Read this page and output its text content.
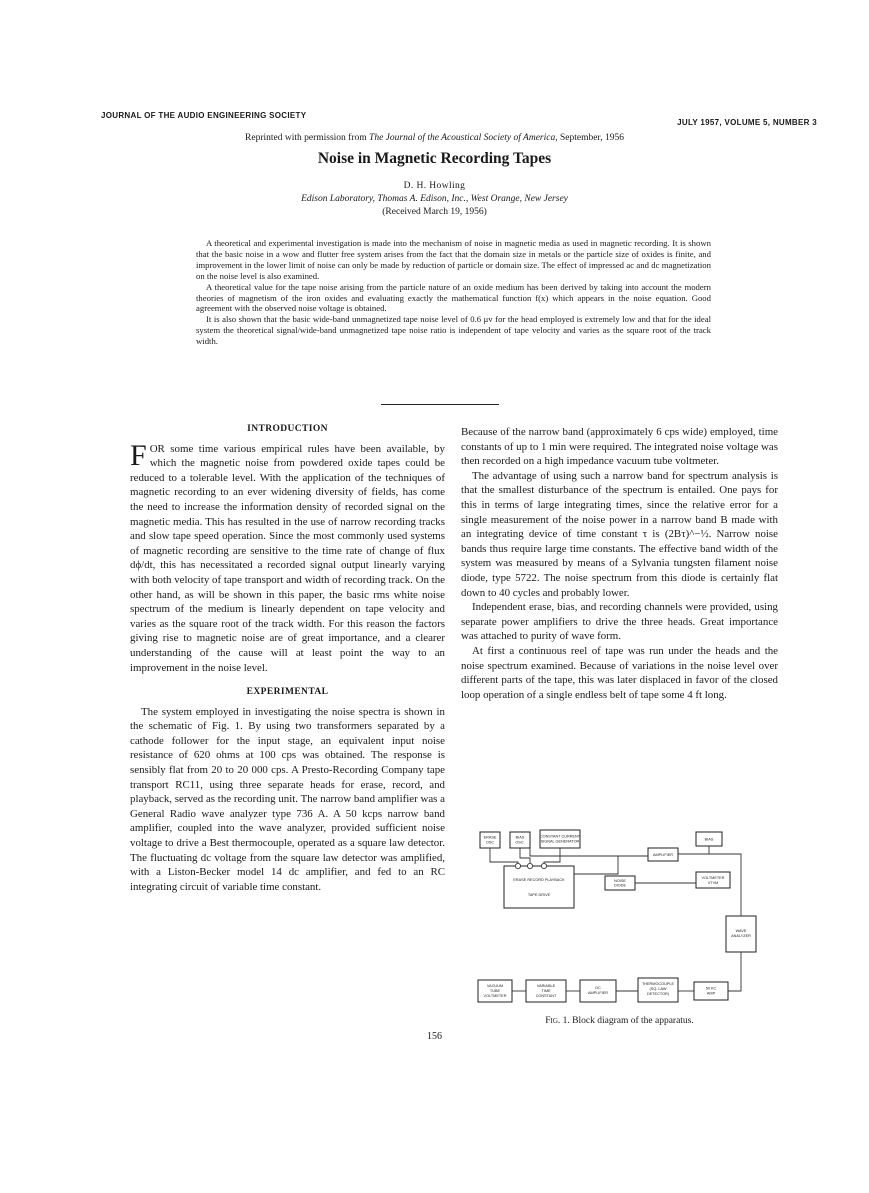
JOURNAL OF THE AUDIO ENGINEERING SOCIETY
JULY 1957, VOLUME 5, NUMBER 3
Reprinted with permission from The Journal of the Acoustical Society of America, September, 1956
Noise in Magnetic Recording Tapes
D. H. Howling
Edison Laboratory, Thomas A. Edison, Inc., West Orange, New Jersey
(Received March 19, 1956)

A theoretical and experimental investigation is made into the mechanism of noise in magnetic media as used in magnetic recording. It is shown that the basic noise in a wow and flutter free system arises from the fact that the domain size in metals or the particle size of oxides is finite, and improvement in the lower limit of noise can only be made by reduction of particle or domain size. The effect of impressed ac and dc magnetization on the noise level is also examined.

A theoretical value for the tape noise arising from the particle nature of an oxide medium has been derived by taking into account the modern theories of magnetism of the iron oxides and evaluating exactly the mathematical function f(x) which appears in the noise equation. Good agreement with the observed noise voltage is obtained.

It is also shown that the basic wide-band unmagnetized tape noise level of 0.6 μv for the head employed is extremely low and that for the ideal system the theoretical signal/wide-band unmagnetized tape noise ratio is independent of tape velocity and varies as the square root of the track width.

INTRODUCTION

FOR some time various empirical rules have been available, by which the magnetic noise from powdered oxide tapes could be reduced to a tolerable level. With the application of the techniques of magnetic recording to an ever widening diversity of fields, has come the need to increase the information density of recorded signal on the magnetic media. This has resulted in the use of narrow recording tracks and slow tape speed operation. Since the most commonly used systems of magnetic recording are sensitive to the time rate of change of flux dϕ/dt, this has necessitated a recorded signal output linearly varying with both velocity of tape transport and width of recording track. On the other hand, as will be shown in this paper, the basic rms white noise spectrum of the medium is linearly dependent on tape velocity and varies as the square root of the track width. For this reason the factors giving rise to magnetic noise are of great importance, and a clearer understanding of the cause will at least point the way to an improvement in the noise level.

EXPERIMENTAL

The system employed in investigating the noise spectra is shown in the schematic of Fig. 1. By using two transformers separated by a cathode follower for the input stage, an equivalent input noise resistance of 620 ohms at 100 cps was obtained. The response is sensibly flat from 20 to 20 000 cps. A Presto-Recording Company tape transport RC11, using three separate heads for erase, record, and playback, served as the recording unit. The narrow band amplifier was a General Radio wave analyzer type 736 A. A 50 kcps narrow band amplifier, coupled into the wave analyzer, provided sufficient noise voltage to drive a Best thermocouple, operated as a square law detector. The fluctuating dc voltage from the square law detector was amplified, with a Liston-Becker model 14 dc amplifier, and fed to an RC integrating circuit of variable time constant.

Because of the narrow band (approximately 6 cps wide) employed, time constants of up to 1 min were required. The integrated noise voltage was then recorded on a high impedance vacuum tube voltmeter.

The advantage of using such a narrow band for spectrum analysis is that the smallest disturbance of the spectrum is entailed. One pays for this in terms of large integrating times, since the relative error for a single measurement of the noise power in a narrow band B made with an integrating device of time constant τ is (2Bτ)^−½. Narrow noise bands thus require large time constants. The effective band width of the system was measured by means of a Sylvania tungsten filament noise diode, type 5722. The noise spectrum from this diode is certainly flat down to 40 cycles and probably lower.

Independent erase, bias, and recording channels were provided, using separate power amplifiers to drive the three heads. Great importance was attached to purity of wave form.

At first a continuous reel of tape was run under the heads and the noise spectrum examined. Because of variations in the noise level over different parts of the tape, this was later displaced in favor of the closed loop operation of a single endless belt of tape some 4 ft long.

ERASE
OSC
BIAS
OSC.
CONSTANT CURRENT
SIGNAL GENERATOR	BIAS
AMPLIFIER
NOISE
DIODE
VOLTMETER
VTVM
ERASE RECORD PLAYBACK
TAPE DRIVE
WAVE
ANALYZER
VACUUM
TUBE
VOLTMETER
VARIABLE
TIME
CONSTANT
DC
AMPLIFIER
THERMOCOUPLE
(SQ. LAW
DETECTOR)
50 KC
AMP
Fig. 1. Block diagram of the apparatus.
156
